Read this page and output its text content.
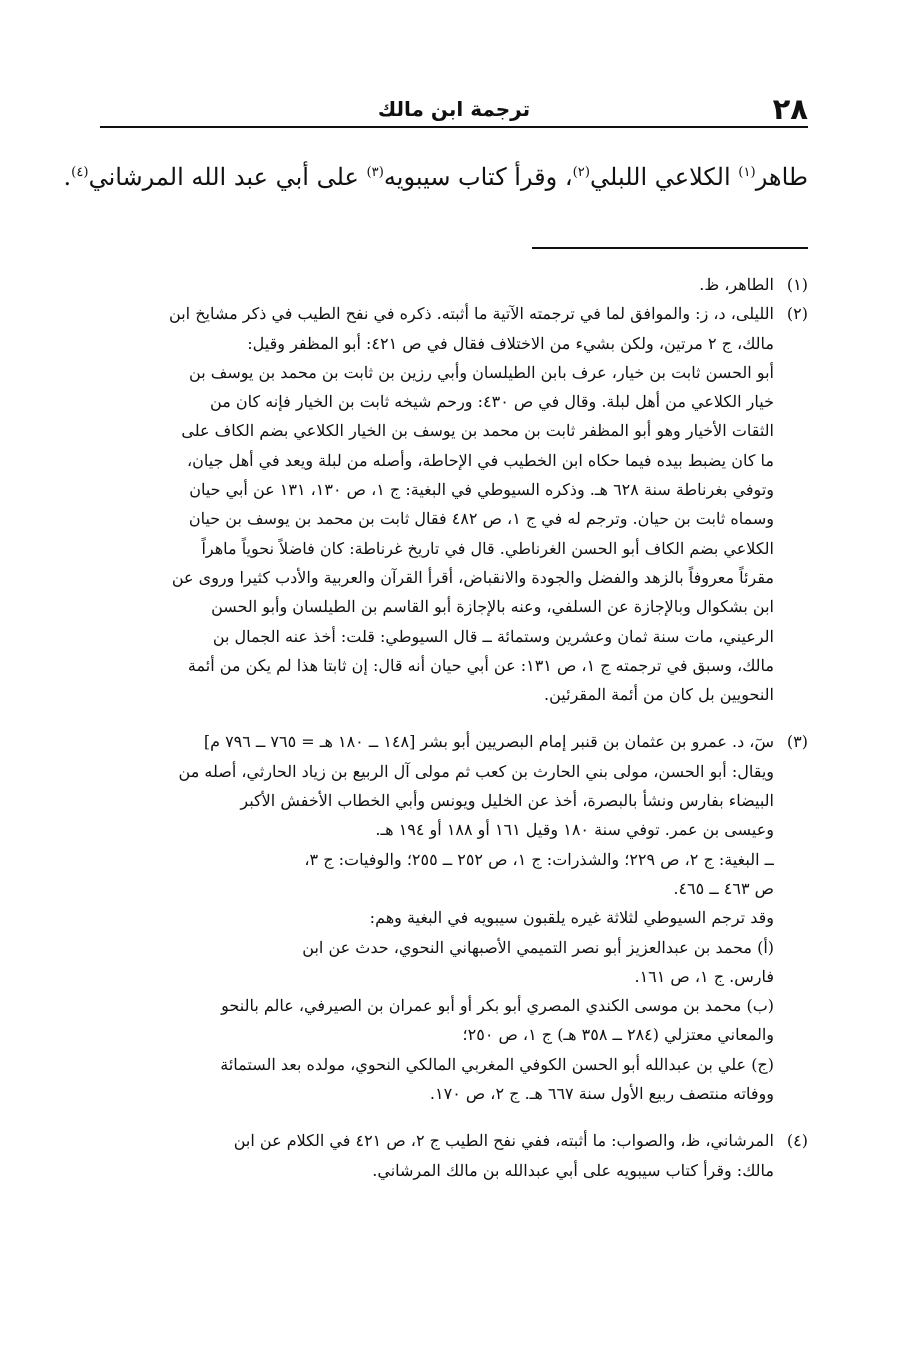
٢٨
ترجمة ابن مالك
طاهر$^{(١)}$ الكلاعي اللبلي$^{(٢)}$، وقرأ كتاب سيبويه$^{(٣)}$ على أبي عبد الله المرشاني$^{(٤)}$.
(١)
الطاهر، ظ.
(٢)
الليلى، د، ز: والموافق لما في ترجمته الآتية ما أثبته. ذكره في نفح الطيب في ذكر مشايخ ابن
مالك، ج ٢ مرتين، ولكن بشيء من الاختلاف فقال في ص ٤٢١: أبو المظفر وقيل:
أبو الحسن ثابت بن خيار، عرف بابن الطيلسان وأبي رزين بن ثابت بن محمد بن يوسف بن
خيار الكلاعي من أهل لبلة. وقال في ص ٤٣٠: ورحم شيخه ثابت بن الخيار فإنه كان من
الثقات الأخيار وهو أبو المظفر ثابت بن محمد بن يوسف بن الخيار الكلاعي بضم الكاف على
ما كان يضبط بيده فيما حكاه ابن الخطيب في الإحاطة، وأصله من لبلة ويعد في أهل جيان،
وتوفي بغرناطة سنة ٦٢٨ هـ. وذكره السيوطي في البغية: ج ١، ص ١٣٠، ١٣١ عن أبي حيان
وسماه ثابت بن حيان. وترجم له في ج ١، ص ٤٨٢ فقال ثابت بن محمد بن يوسف بن حيان
الكلاعي بضم الكاف أبو الحسن الغرناطي. قال في تاريخ غرناطة: كان فاضلاً نحوياً ماهراً
مقرئاً معروفاً بالزهد والفضل والجودة والانقباض، أقرأ القرآن والعربية والأدب كثيرا وروى عن
ابن بشكوال وبالإجازة عن السلفي، وعنه بالإجازة أبو القاسم بن الطيلسان وأبو الحسن
الرعيني، مات سنة ثمان وعشرين وستمائة ــ قال السيوطي: قلت: أخذ عنه الجمال بن
مالك، وسبق في ترجمته ج ١، ص ١٣١: عن أبي حيان أنه قال: إن ثابتا هذا لم يكن من أئمة
النحويين بل كان من أئمة المقرئين.
(٣)
سٓ، د. عمرو بن عثمان بن قنبر إمام البصريين أبو بشر [١٤٨ ــ ١٨٠ هـ = ٧٦٥ ــ ٧٩٦ م]
ويقال: أبو الحسن، مولى بني الحارث بن كعب ثم مولى آل الربيع بن زياد الحارثي، أصله من
البيضاء بفارس ونشأ بالبصرة، أخذ عن الخليل ويونس وأبي الخطاب الأخفش الأكبر
وعيسى بن عمر. توفي سنة ١٨٠ وقيل ١٦١ أو ١٨٨ أو ١٩٤ هـ.
ــ البغية: ج ٢، ص ٢٢٩؛ والشذرات: ج ١، ص ٢٥٢ ــ ٢٥٥؛ والوفيات: ج ٣،
ص ٤٦٣ ــ ٤٦٥.
وقد ترجم السيوطي لثلاثة غيره يلقبون سيبويه في البغية وهم:
(أ) محمد بن عبدالعزيز أبو نصر التميمي الأصبهاني النحوي، حدث عن ابن
فارس. ج ١، ص ١٦١.
(ب) محمد بن موسى الكندي المصري أبو بكر أو أبو عمران بن الصيرفي، عالم بالنحو
والمعاني معتزلي (٢٨٤ ــ ٣٥٨ هـ) ج ١، ص ٢٥٠؛
(ج) علي بن عبدالله أبو الحسن الكوفي المغربي المالكي النحوي، مولده بعد الستمائة
ووفاته منتصف ربيع الأول سنة ٦٦٧ هـ. ج ٢، ص ١٧٠.
(٤)
المرشاني، ظ، والصواب: ما أثبته، ففي نفح الطيب ج ٢، ص ٤٢١ في الكلام عن ابن
مالك: وقرأ كتاب سيبويه على أبي عبدالله بن مالك المرشاني.
